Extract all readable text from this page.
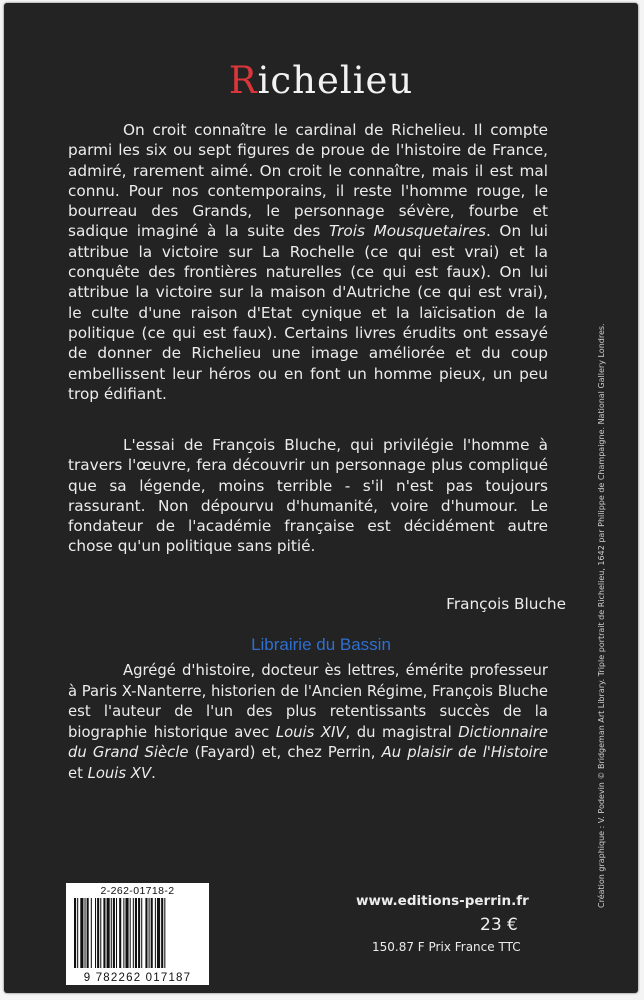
Richelieu

On croit connaître le cardinal de Richelieu. Il compte parmi les six ou sept figures de proue de l'histoire de France, admiré, rarement aimé. On croit le connaître, mais il est mal connu. Pour nos contemporains, il reste l'homme rouge, le bourreau des Grands, le personnage sévère, fourbe et sadique imaginé à la suite des Trois Mousquetaires. On lui attribue la victoire sur La Rochelle (ce qui est vrai) et la conquête des frontières naturelles (ce qui est faux). On lui attribue la victoire sur la maison d'Autriche (ce qui est vrai), le culte d'une raison d'Etat cynique et la laïcisation de la politique (ce qui est faux). Certains livres érudits ont essayé de donner de Richelieu une image améliorée et du coup embellissent leur héros ou en font un homme pieux, un peu trop édifiant.

L'essai de François Bluche, qui privilégie l'homme à travers l'œuvre, fera découvrir un personnage plus compliqué que sa légende, moins terrible - s'il n'est pas toujours rassurant. Non dépourvu d'humanité, voire d'humour. Le fondateur de l'académie française est décidément autre chose qu'un politique sans pitié.

François Bluche
Librairie du Bassin

Agrégé d'histoire, docteur ès lettres, émérite professeur à Paris X-Nanterre, historien de l'Ancien Régime, François Bluche est l'auteur de l'un des plus retentissants succès de la biographie historique avec Louis XIV, du magistral Dictionnaire du Grand Siècle (Fayard) et, chez Perrin, Au plaisir de l'Histoire et Louis XV.	Création graphique : V. Podevin © Bridgeman Art Library. Triple portrait de Richelieu, 1642 par Philippe de Champaigne. National Gallery Londres.
2-262-01718-2
9 782262 017187
www.editions-perrin.fr
23 €
150.87 F Prix France TTC
